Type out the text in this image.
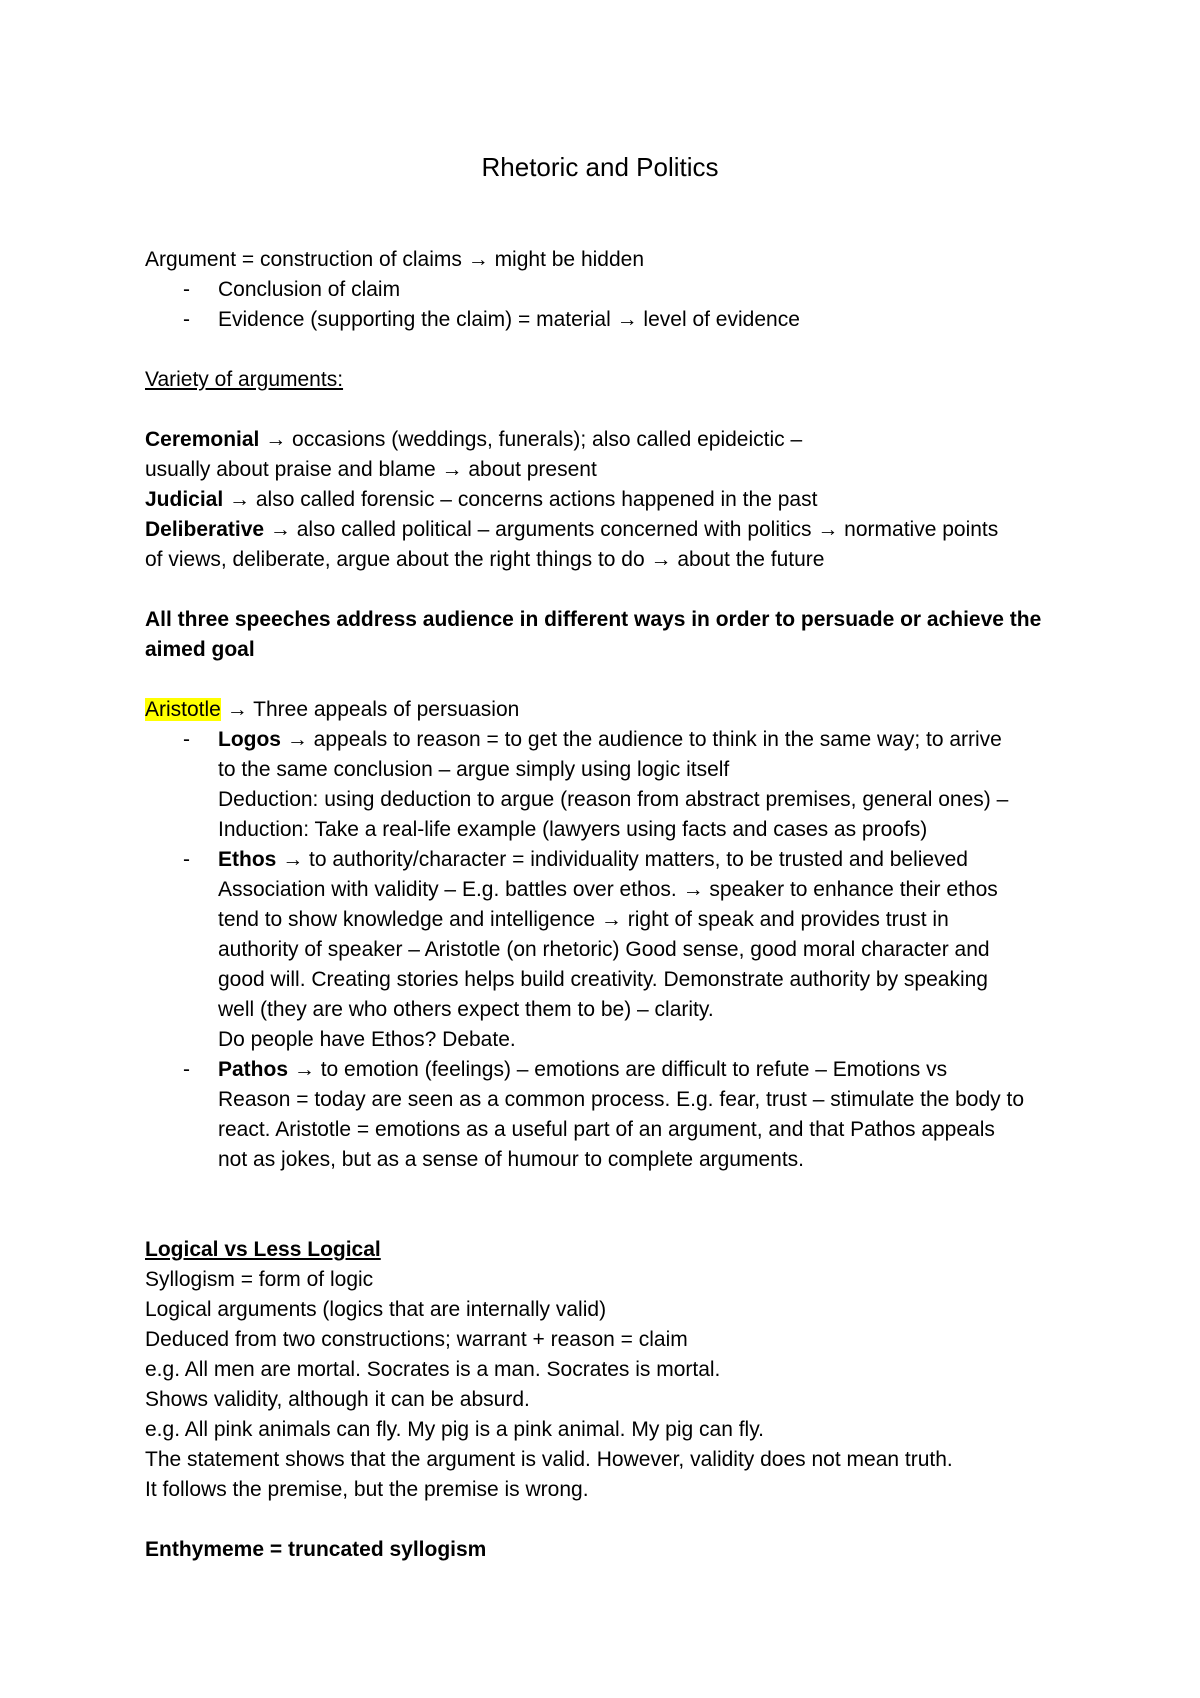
Rhetoric and Politics
Argument = construction of claims → might be hidden
- Conclusion of claim
- Evidence (supporting the claim) = material → level of evidence
Variety of arguments:
Ceremonial → occasions (weddings, funerals); also called epideictic –
usually about praise and blame → about present
Judicial → also called forensic – concerns actions happened in the past
Deliberative → also called political – arguments concerned with politics → normative points
of views, deliberate, argue about the right things to do → about the future
All three speeches address audience in different ways in order to persuade or achieve the
aimed goal
Aristotle → Three appeals of persuasion
- Logos → appeals to reason = to get the audience to think in the same way; to arrive
to the same conclusion – argue simply using logic itself
Deduction: using deduction to argue (reason from abstract premises, general ones) –
Induction: Take a real-life example (lawyers using facts and cases as proofs)
- Ethos → to authority/character = individuality matters, to be trusted and believed
Association with validity – E.g. battles over ethos. → speaker to enhance their ethos
tend to show knowledge and intelligence → right of speak and provides trust in
authority of speaker – Aristotle (on rhetoric) Good sense, good moral character and
good will. Creating stories helps build creativity. Demonstrate authority by speaking
well (they are who others expect them to be) – clarity.
Do people have Ethos? Debate.
- Pathos → to emotion (feelings) – emotions are difficult to refute – Emotions vs
Reason = today are seen as a common process. E.g. fear, trust – stimulate the body to
react. Aristotle = emotions as a useful part of an argument, and that Pathos appeals
not as jokes, but as a sense of humour to complete arguments.
Logical vs Less Logical
Syllogism = form of logic
Logical arguments (logics that are internally valid)
Deduced from two constructions; warrant + reason = claim
e.g. All men are mortal. Socrates is a man. Socrates is mortal.
Shows validity, although it can be absurd.
e.g. All pink animals can fly. My pig is a pink animal. My pig can fly.
The statement shows that the argument is valid. However, validity does not mean truth.
It follows the premise, but the premise is wrong.
Enthymeme = truncated syllogism
